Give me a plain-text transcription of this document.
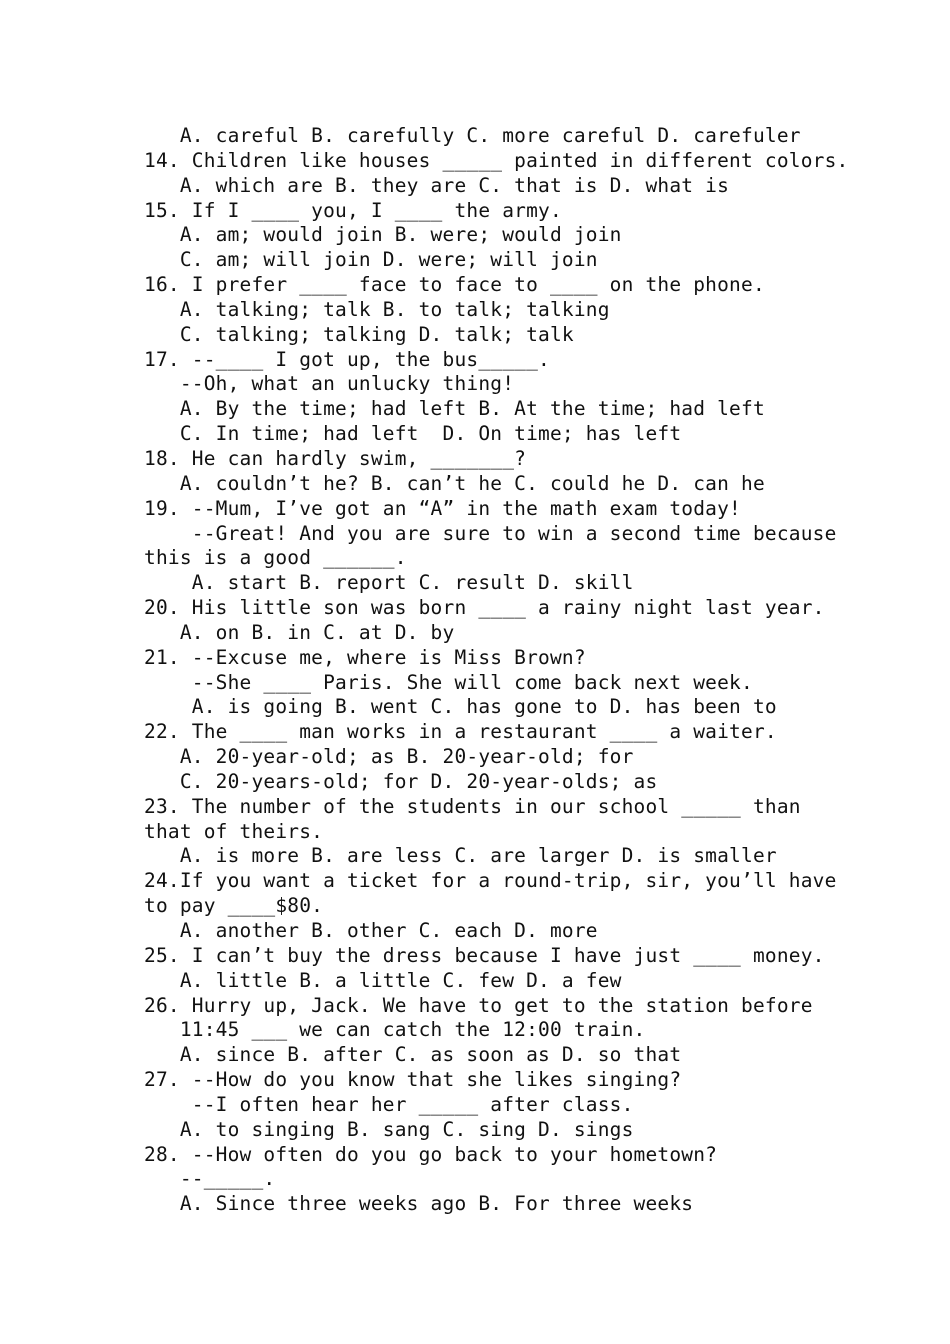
A. careful B. carefully C. more careful D. carefuler
14. Children like houses _____ painted in different colors.
A. which are B. they are C. that is D. what is
15. If I ____ you, I ____ the army.
A. am; would join B. were; would join
C. am; will join D. were; will join
16. I prefer ____ face to face to ____ on the phone.
A. talking; talk B. to talk; talking
C. talking; talking D. talk; talk
17. --____ I got up, the bus_____.
--Oh, what an unlucky thing!
A. By the time; had left B. At the time; had left
C. In time; had left  D. On time; has left
18. He can hardly swim, _______?
A. couldn’t he? B. can’t he C. could he D. can he
19. --Mum, I’ve got an “A” in the math exam today!
--Great! And you are sure to win a second time because
this is a good ______.
A. start B. report C. result D. skill
20. His little son was born ____ a rainy night last year.
A. on B. in C. at D. by
21. --Excuse me, where is Miss Brown?
--She ____ Paris. She will come back next week.
A. is going B. went C. has gone to D. has been to
22. The ____ man works in a restaurant ____ a waiter.
A. 20-year-old; as B. 20-year-old; for
C. 20-years-old; for D. 20-year-olds; as
23. The number of the students in our school _____ than
that of theirs.
A. is more B. are less C. are larger D. is smaller
24.If you want a ticket for a round-trip, sir, you’ll have
to pay ____$80.
A. another B. other C. each D. more
25. I can’t buy the dress because I have just ____ money.
A. little B. a little C. few D. a few
26. Hurry up, Jack. We have to get to the station before
11:45 ___ we can catch the 12:00 train.
A. since B. after C. as soon as D. so that
27. --How do you know that she likes singing?
--I often hear her _____ after class.
A. to singing B. sang C. sing D. sings
28. --How often do you go back to your hometown?
--_____.
A. Since three weeks ago B. For three weeks
